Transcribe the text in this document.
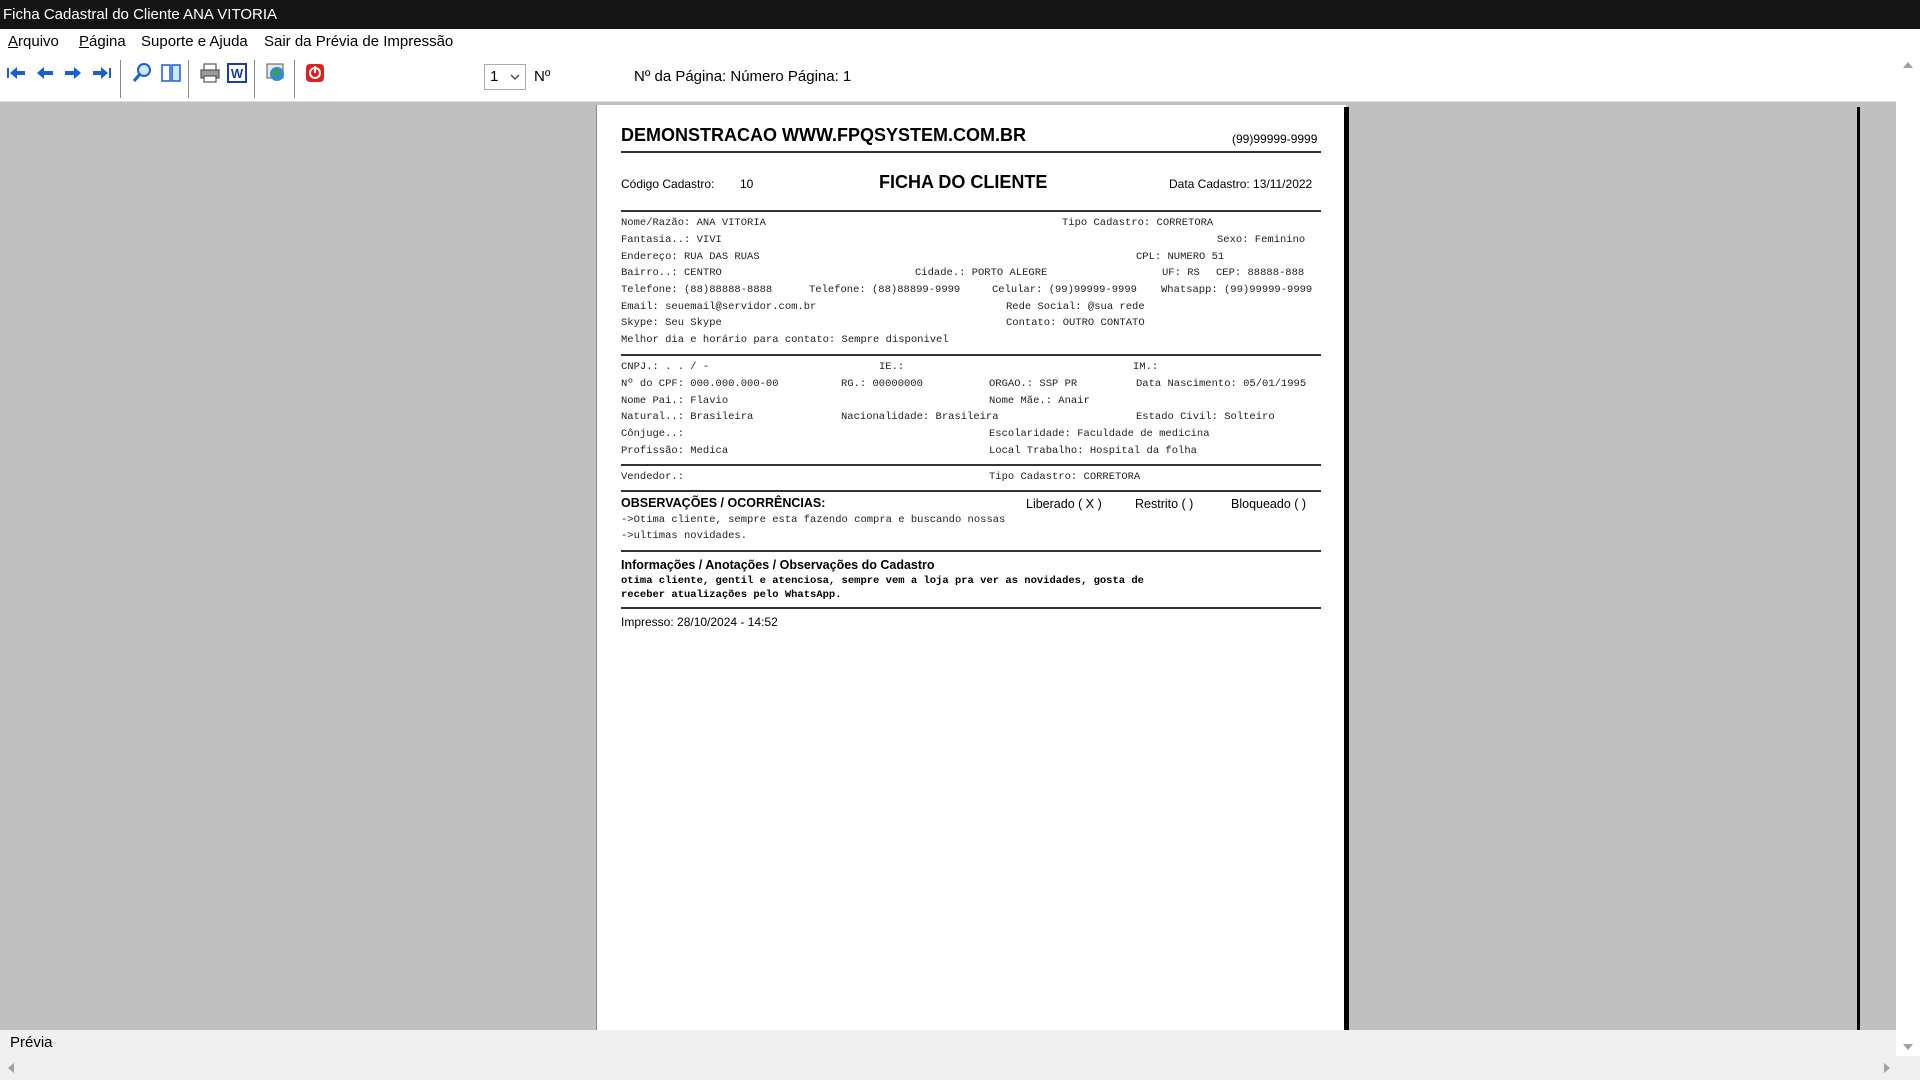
Ficha Cadastral do Cliente ANA VITORIA
Arquivo Página Suporte e Ajuda Sair da Prévia de Impressão
W	1	Nº	Nº da Página: Número Página: 1
DEMONSTRACAO WWW.FPQSYSTEM.COM.BR	(99)99999-9999
Código Cadastro: 10	FICHA DO CLIENTE	Data Cadastro: 13/11/2022
Nome/Razão: ANA VITORIA	Tipo Cadastro: CORRETORA
Fantasia..: VIVI	Sexo: Feminino
Endereço: RUA DAS RUAS	CPL: NUMERO 51
Bairro..: CENTRO	Cidade.: PORTO ALEGRE	UF: RS CEP: 88888-888
Telefone: (88)88888-8888	Telefone: (88)88899-9999	Celular: (99)99999-9999 Whatsapp: (99)99999-9999
Email: seuemail@servidor.com.br	Rede Social: @sua rede
Skype: Seu Skype	Contato: OUTRO CONTATO
Melhor dia e horário para contato: Sempre disponivel
CNPJ.: . . / -	IE.:	IM.:
Nº do CPF: 000.000.000-00	RG.: 00000000	ORGAO.: SSP PR	Data Nascimento: 05/01/1995
Nome Pai.: Flavio	Nome Mãe.: Anair
Natural..: Brasileira	Nacionalidade: Brasileira	Estado Civil: Solteiro
Cônjuge..:	Escolaridade: Faculdade de medicina
Profissão: Medica	Local Trabalho: Hospital da folha
Vendedor.:	Tipo Cadastro: CORRETORA
OBSERVAÇÕES / OCORRÊNCIAS:	Liberado ( X )	Restrito ( )	Bloqueado ( )
->Otima cliente, sempre esta fazendo compra e buscando nossas
->ultimas novidades.
Informações / Anotações / Observações do Cadastro
otima cliente, gentil e atenciosa, sempre vem a loja pra ver as novidades, gosta de
receber atualizações pelo WhatsApp.
Impresso: 28/10/2024 - 14:52
Prévia
